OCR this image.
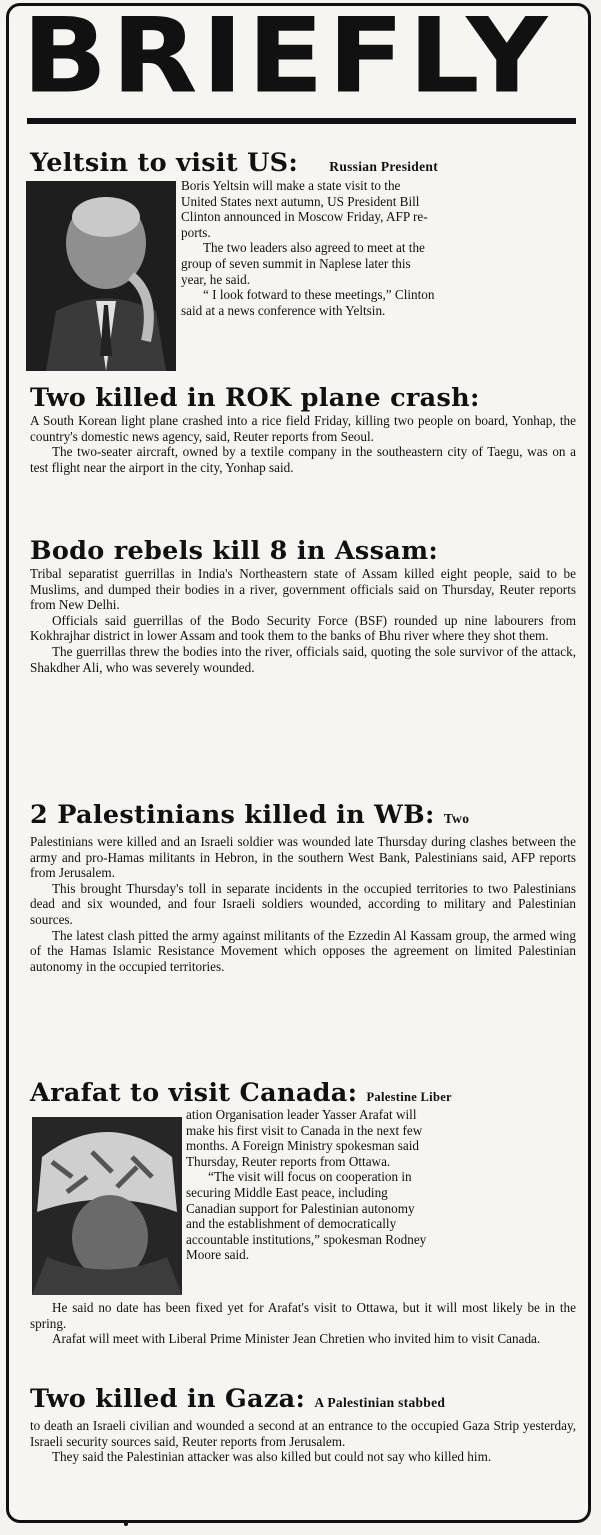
BRIEFLY
Yeltsin to visit US: Russian President
Boris Yeltsin will make a state visit to the
United States next autumn, US President Bill
Clinton announced in Moscow Friday, AFP re-
ports.
The two leaders also agreed to meet at the
group of seven summit in Naplese later this
year, he said.
“ I look fotward to these meetings,” Clinton
said at a news conference with Yeltsin.
Two killed in ROK plane crash:

A South Korean light plane crashed into a rice field Friday, killing two people on board, Yonhap, the country's domestic news agency, said, Reuter reports from Seoul.

The two-seater aircraft, owned by a textile company in the southeastern city of Taegu, was on a test flight near the airport in the city, Yonhap said.

Bodo rebels kill 8 in Assam:

Tribal separatist guerrillas in India's Northeastern state of Assam killed eight people, said to be Muslims, and dumped their bodies in a river, government officials said on Thursday, Reuter reports from New Delhi.

Officials said guerrillas of the Bodo Security Force (BSF) rounded up nine labourers from Kokhrajhar district in lower Assam and took them to the banks of Bhu river where they shot them.

The guerrillas threw the bodies into the river, officials said, quoting the sole survivor of the attack, Shakdher Ali, who was severely wounded.

2 Palestinians killed in WB: Two

Palestinians were killed and an Israeli soldier was wounded late Thursday during clashes between the army and pro-Hamas militants in Hebron, in the southern West Bank, Palestinians said, AFP reports from Jerusalem.

This brought Thursday's toll in separate incidents in the occupied territories to two Palestinians dead and six wounded, and four Israeli soldiers wounded, according to military and Palestinian sources.

The latest clash pitted the army against militants of the Ezzedin Al Kassam group, the armed wing of the Hamas Islamic Resistance Movement which opposes the agreement on limited Palestinian autonomy in the occupied territories.

Arafat to visit Canada: Palestine Liber
ation Organisation leader Yasser Arafat will
make his first visit to Canada in the next few
months. A Foreign Ministry spokesman said
Thursday, Reuter reports from Ottawa.
“The visit will focus on cooperation in
securing Middle East peace, including
Canadian support for Palestinian autonomy
and the establishment of democratically
accountable institutions,” spokesman Rodney
Moore said.

He said no date has been fixed yet for Arafat's visit to Ottawa, but it will most likely be in the spring.

Arafat will meet with Liberal Prime Minister Jean Chretien who invited him to visit Canada.

Two killed in Gaza: A Palestinian stabbed

to death an Israeli civilian and wounded a second at an entrance to the occupied Gaza Strip yesterday, Israeli security sources said, Reuter reports from Jerusalem.

They said the Palestinian attacker was also killed but could not say who killed him.
